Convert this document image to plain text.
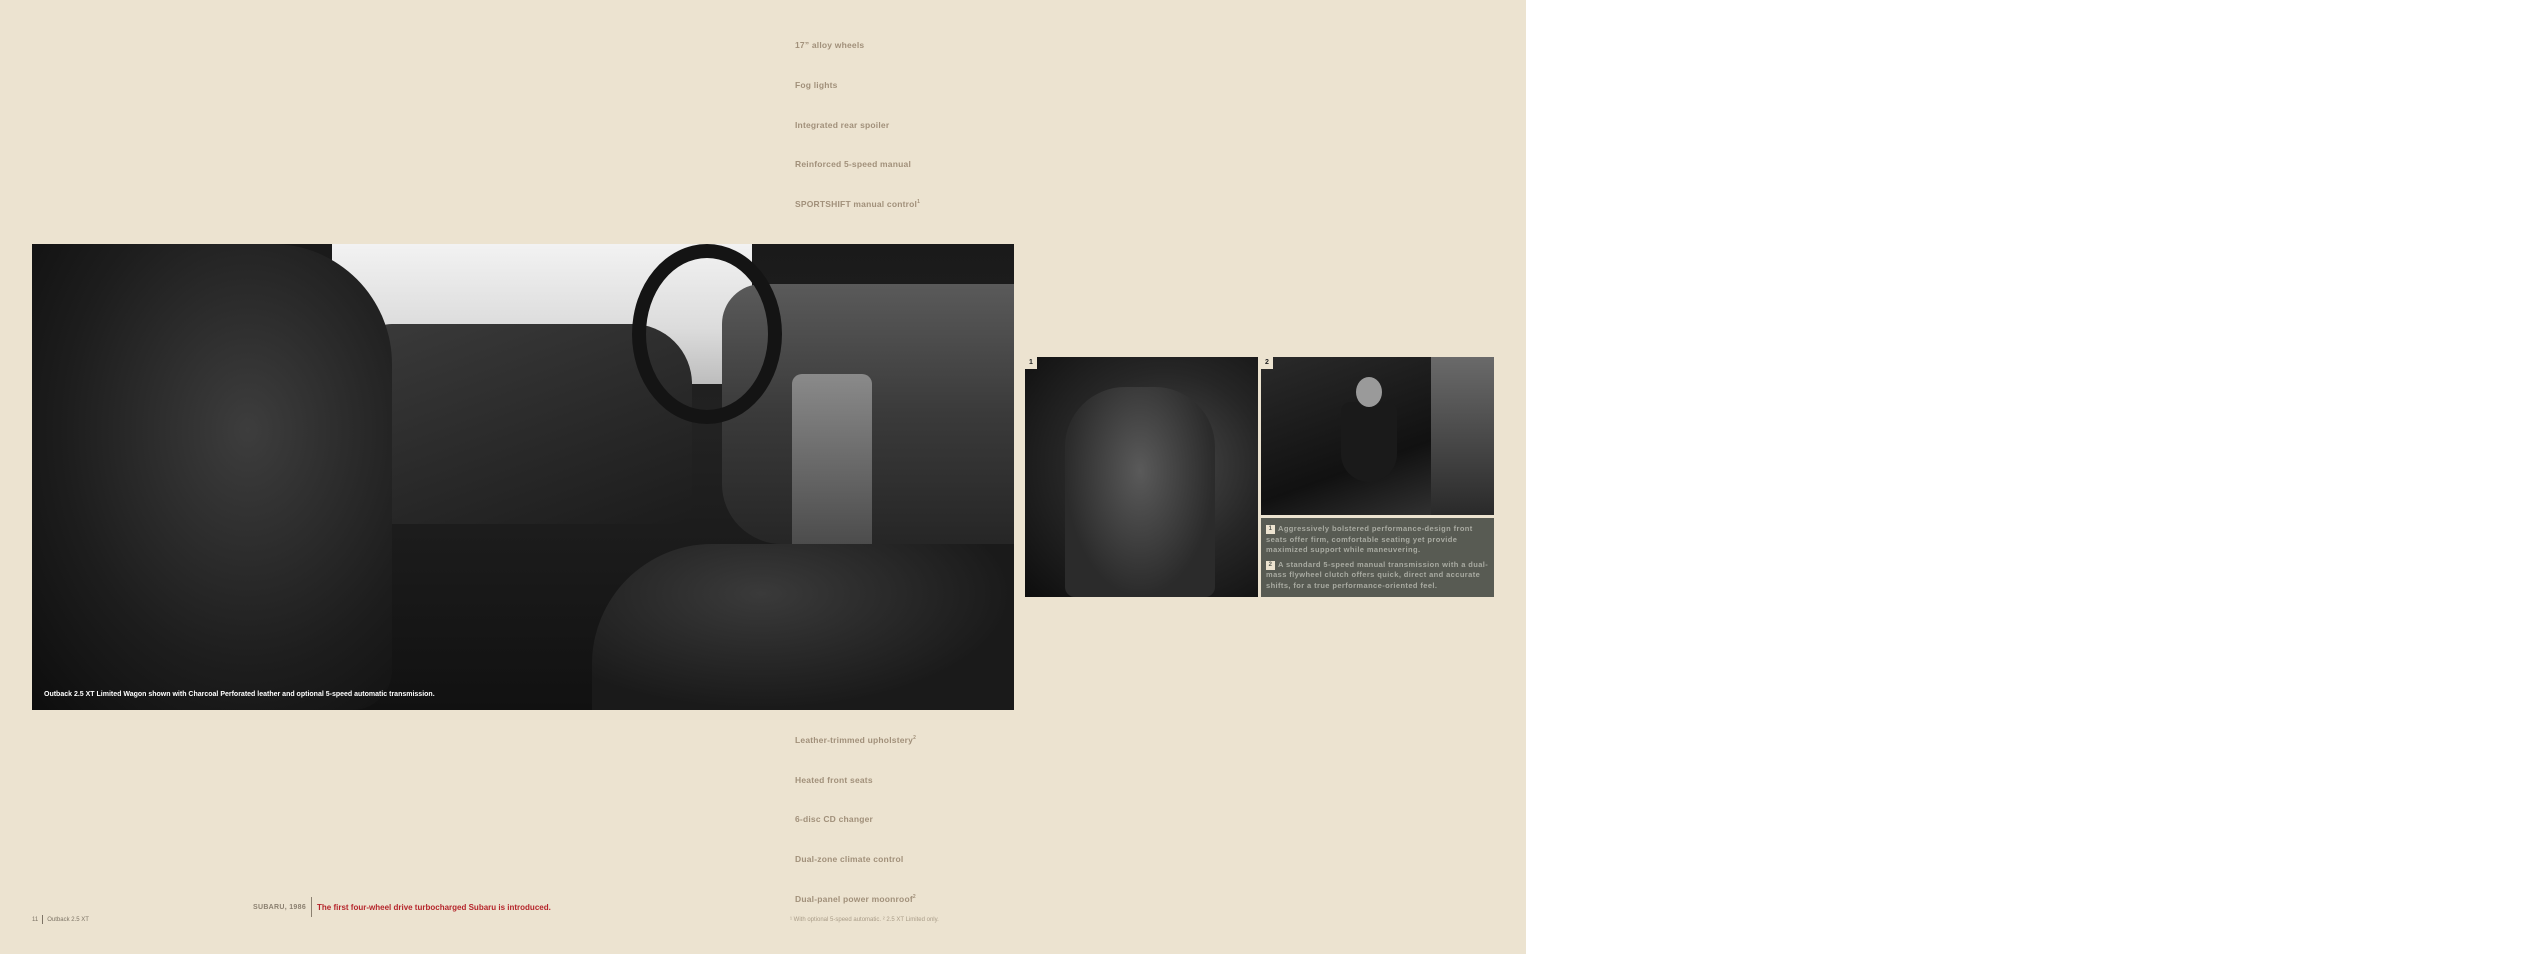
17” alloy wheels
Fog lights
Integrated rear spoiler
Reinforced 5-speed manual
SPORTSHIFT manual control$^1$
Outback 2.5 XT Limited Wagon shown with Charcoal Perforated leather and optional 5-speed automatic transmission.
1	2

1 Aggressively bolstered performance-design front seats offer firm, comfortable seating yet provide maximized support while maneuvering.

2 A standard 5-speed manual transmission with a dual-mass flywheel clutch offers quick, direct and accurate shifts, for a true performance-oriented feel.

Leather-trimmed upholstery$^2$
Heated front seats
6-disc CD changer
Dual-zone climate control
Dual-panel power moonroof$^2$
SUBARU, 1986	The first four-wheel drive turbocharged Subaru is introduced.
11 Outback 2.5 XT	¹ With optional 5-speed automatic. ² 2.5 XT Limited only.
